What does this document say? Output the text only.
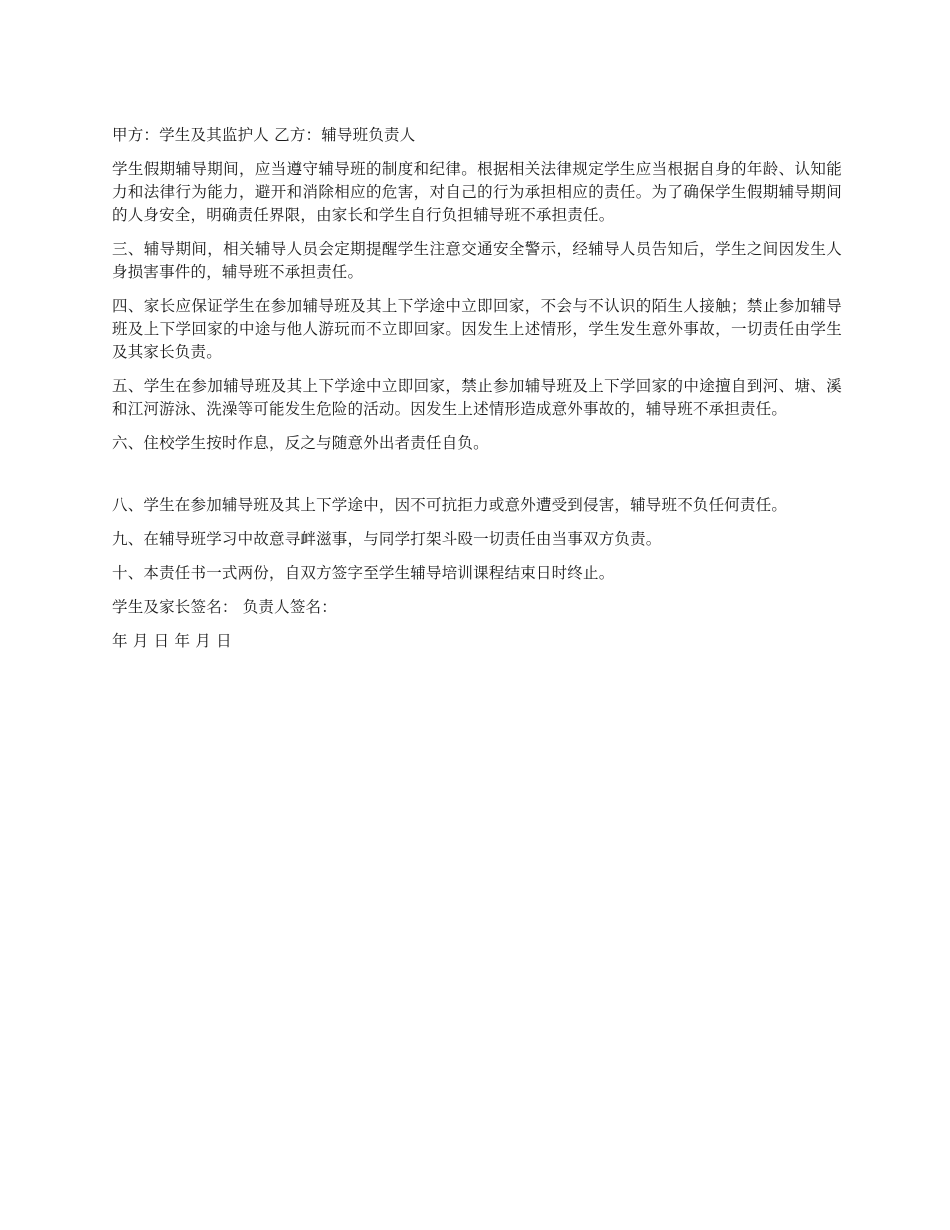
甲方：学生及其监护人 乙方：辅导班负责人

学生假期辅导期间，应当遵守辅导班的制度和纪律。根据相关法律规定学生应当根据自身的年龄、认知能力和法律行为能力，避开和消除相应的危害，对自己的行为承担相应的责任。为了确保学生假期辅导期间的人身安全，明确责任界限，由家长和学生自行负担辅导班不承担责任。

三、辅导期间，相关辅导人员会定期提醒学生注意交通安全警示，经辅导人员告知后，学生之间因发生人身损害事件的，辅导班不承担责任。

四、家长应保证学生在参加辅导班及其上下学途中立即回家，不会与不认识的陌生人接触；禁止参加辅导班及上下学回家的中途与他人游玩而不立即回家。因发生上述情形，学生发生意外事故，一切责任由学生及其家长负责。

五、学生在参加辅导班及其上下学途中立即回家，禁止参加辅导班及上下学回家的中途擅自到河、塘、溪和江河游泳、洗澡等可能发生危险的活动。因发生上述情形造成意外事故的，辅导班不承担责任。

六、住校学生按时作息，反之与随意外出者责任自负。

八、学生在参加辅导班及其上下学途中，因不可抗拒力或意外遭受到侵害，辅导班不负任何责任。

九、在辅导班学习中故意寻衅滋事，与同学打架斗殴一切责任由当事双方负责。

十、本责任书一式两份，自双方签字至学生辅导培训课程结束日时终止。

学生及家长签名： 负责人签名：

年 月 日 年 月 日
